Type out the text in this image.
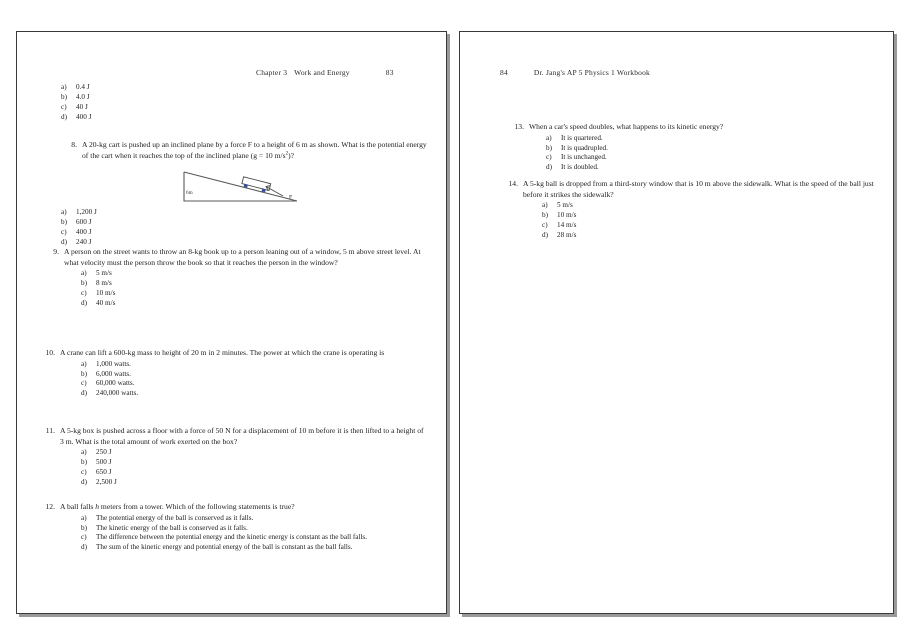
Chapter 3 Work and Energy	83
a)	0.4 J
b)	4.0 J
c)	40 J
d)	400 J
8. A 20-kg cart is pushed up an inclined plane by a force F to a height of 6 m as shown. What is the potential energy of the cart when it reaches the top of the inclined plane (g = 10 $m/s^2$)?
6m
F
a)	1,200 J
b)	600 J
c)	400 J
d)	240 J
9. A person on the street wants to throw an 8-kg book up to a person leaning out of a window, 5 m above street level. At what velocity must the person throw the book so that it reaches the person in the window?
a)	5 m/s
b)	8 m/s
c)	10 m/s
d)	40 m/s
10. A crane can lift a 600-kg mass to height of 20 m in 2 minutes. The power at which the crane is operating is
a)	1,000 watts.
b)	6,000 watts.
c)	60,000 watts.
d)	240,000 watts.
11. A 5-kg box is pushed across a floor with a force of 50 N for a displacement of 10 m before it is then lifted to a height of 3 m. What is the total amount of work exerted on the box?
a)	250 J
b)	500 J
c)	650 J
d)	2,500 J
12. A ball falls h meters from a tower. Which of the following statements is true?
a)	The potential energy of the ball is conserved as it falls.
b)	The kinetic energy of the ball is conserved as it falls.
c)	The difference between the potential energy and the kinetic energy is constant as the ball falls.
d)	The sum of the kinetic energy and potential energy of the ball is constant as the ball falls.
84	Dr. Jang's AP 5 Physics 1 Workbook
13. When a car's speed doubles, what happens to its kinetic energy?
a)	It is quartered.
b)	It is quadrupled.
c)	It is unchanged.
d)	It is doubled.
14. A 5-kg ball is dropped from a third-story window that is 10 m above the sidewalk. What is the speed of the ball just before it strikes the sidewalk?
a)	5 m/s
b)	10 m/s
c)	14 m/s
d)	28 m/s
